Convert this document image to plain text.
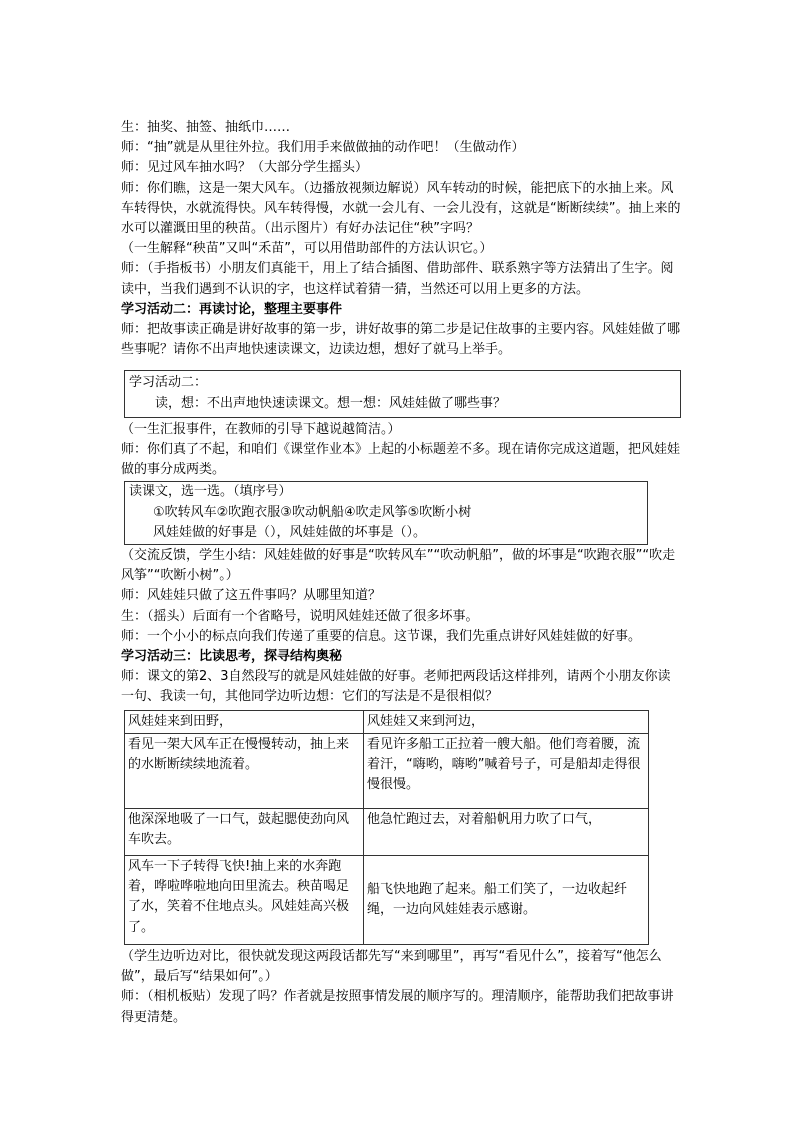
生：抽奖、抽签、抽纸巾……

师：“抽”就是从里往外拉。我们用手来做做抽的动作吧！（生做动作）

师：见过风车抽水吗？（大部分学生摇头）

师：你们瞧，这是一架大风车。（边播放视频边解说）风车转动的时候，能把底下的水抽上来。风车转得快，水就流得快。风车转得慢，水就一会儿有、一会儿没有，这就是“断断续续”。抽上来的水可以灌溉田里的秧苗。（出示图片）有好办法记住“秧”字吗？

（一生解释“秧苗”又叫“禾苗”，可以用借助部件的方法认识它。）

师：（手指板书）小朋友们真能干，用上了结合插图、借助部件、联系熟字等方法猜出了生字。阅读中，当我们遇到不认识的字，也这样试着猜一猜，当然还可以用上更多的方法。

学习活动二：再读讨论，整理主要事件

师：把故事读正确是讲好故事的第一步，讲好故事的第二步是记住故事的主要内容。风娃娃做了哪些事呢？请你不出声地快速读课文，边读边想，想好了就马上举手。

学习活动二：
读，想：不出声地快速读课文。想一想：风娃娃做了哪些事？

（一生汇报事件，在教师的引导下越说越简洁。）

师：你们真了不起，和咱们《课堂作业本》上起的小标题差不多。现在请你完成这道题，把风娃娃做的事分成两类。

读课文，选一选。（填序号）
①吹转风车②吹跑衣服③吹动帆船④吹走风筝⑤吹断小树
风娃娃做的好事是（），风娃娃做的坏事是（）。

（交流反馈，学生小结：风娃娃做的好事是“吹转风车”“吹动帆船”，做的坏事是“吹跑衣服”“吹走风筝”“吹断小树”。）

师：风娃娃只做了这五件事吗？从哪里知道？

生：（摇头）后面有一个省略号，说明风娃娃还做了很多坏事。

师：一个小小的标点向我们传递了重要的信息。这节课，我们先重点讲好风娃娃做的好事。

学习活动三：比读思考，探寻结构奥秘

师：课文的第2、3自然段写的就是风娃娃做的好事。老师把两段话这样排列，请两个小朋友你读一句、我读一句，其他同学边听边想：它们的写法是不是很相似？

风娃娃来到田野，	风娃娃又来到河边，
看见一架大风车正在慢慢转动，抽上来的水断断续续地流着。	看见许多船工正拉着一艘大船。他们弯着腰，流着汗，“嗨哟，嗨哟”喊着号子，可是船却走得很慢很慢。
他深深地吸了一口气，鼓起腮使劲向风车吹去。	他急忙跑过去，对着船帆用力吹了口气，
风车一下子转得飞快!抽上来的水奔跑着，哗啦哗啦地向田里流去。秧苗喝足了水，笑着不住地点头。风娃娃高兴极了。	船飞快地跑了起来。船工们笑了，一边收起纤绳，一边向风娃娃表示感谢。

（学生边听边对比，很快就发现这两段话都先写“来到哪里”，再写“看见什么”，接着写“他怎么做”，最后写“结果如何”。）

师：（相机板贴）发现了吗？作者就是按照事情发展的顺序写的。理清顺序，能帮助我们把故事讲得更清楚。
